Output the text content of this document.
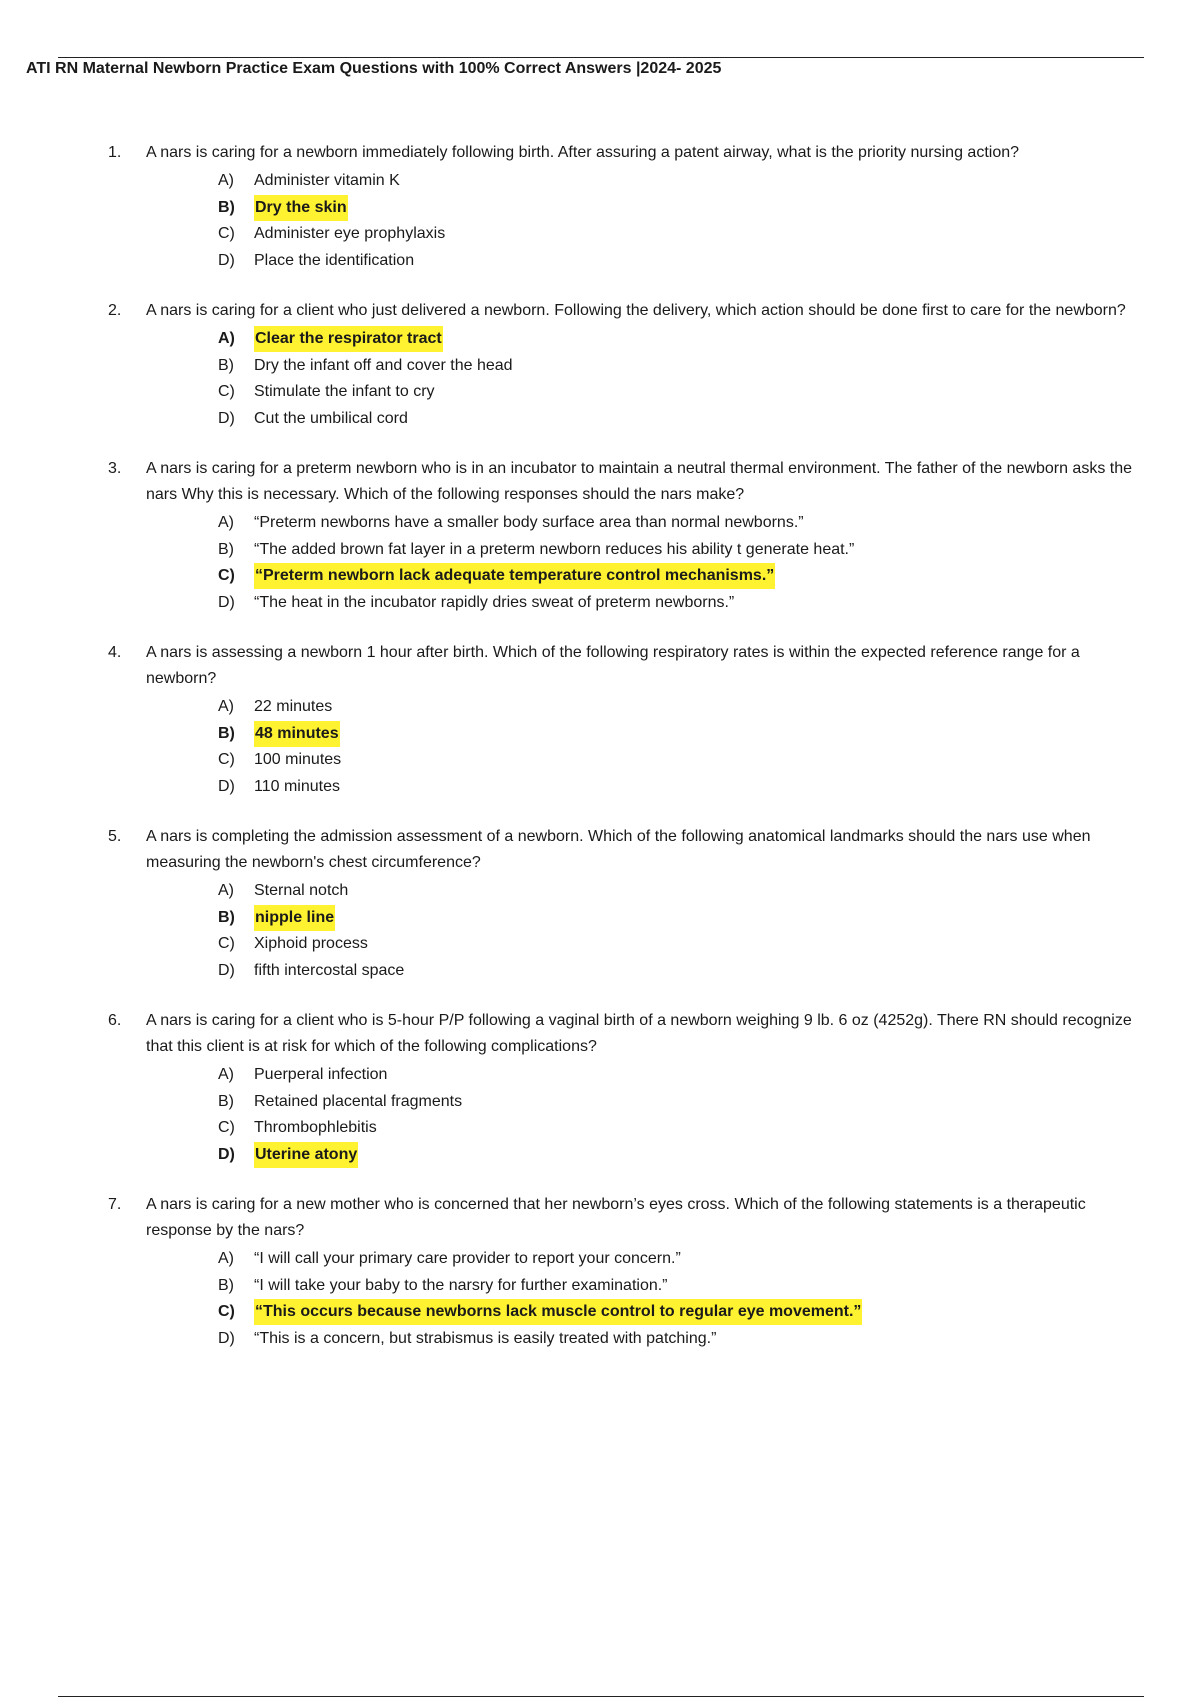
ATI RN Maternal Newborn Practice Exam Questions with 100% Correct Answers |2024- 2025
1. A nars is caring for a newborn immediately following birth. After assuring a patent airway, what is the priority nursing action?

A)	Administer vitamin K
B)	Dry the skin
C)	Administer eye prophylaxis
D)	Place the identification
2. A nars is caring for a client who just delivered a newborn. Following the delivery, which action should be done first to care for the newborn?

A)	Clear the respirator tract
B)	Dry the infant off and cover the head
C)	Stimulate the infant to cry
D)	Cut the umbilical cord
3. A nars is caring for a preterm newborn who is in an incubator to maintain a neutral thermal environment. The father of the newborn asks the nars Why this is necessary. Which of the following responses should the nars make?

A)	“Preterm newborns have a smaller body surface area than normal newborns.”
B)	“The added brown fat layer in a preterm newborn reduces his ability t generate heat.”
C)	“Preterm newborn lack adequate temperature control mechanisms.”
D)	“The heat in the incubator rapidly dries sweat of preterm newborns.”
4. A nars is assessing a newborn 1 hour after birth. Which of the following respiratory rates is within the expected reference range for a newborn?

A)	22 minutes
B)	48 minutes
C)	100 minutes
D)	110 minutes
5. A nars is completing the admission assessment of a newborn. Which of the following anatomical landmarks should the nars use when measuring the newborn's chest circumference?

A)	Sternal notch
B)	nipple line
C)	Xiphoid process
D)	fifth intercostal space
6. A nars is caring for a client who is 5-hour P/P following a vaginal birth of a newborn weighing 9 lb. 6 oz (4252g). There RN should recognize that this client is at risk for which of the following complications?

A)	Puerperal infection
B)	Retained placental fragments
C)	Thrombophlebitis
D)	Uterine atony
7. A nars is caring for a new mother who is concerned that her newborn’s eyes cross. Which of the following statements is a therapeutic response by the nars?

A)	“I will call your primary care provider to report your concern.”
B)	“I will take your baby to the narsry for further examination.”
C)	“This occurs because newborns lack muscle control to regular eye movement.”
D)	“This is a concern, but strabismus is easily treated with patching.”
